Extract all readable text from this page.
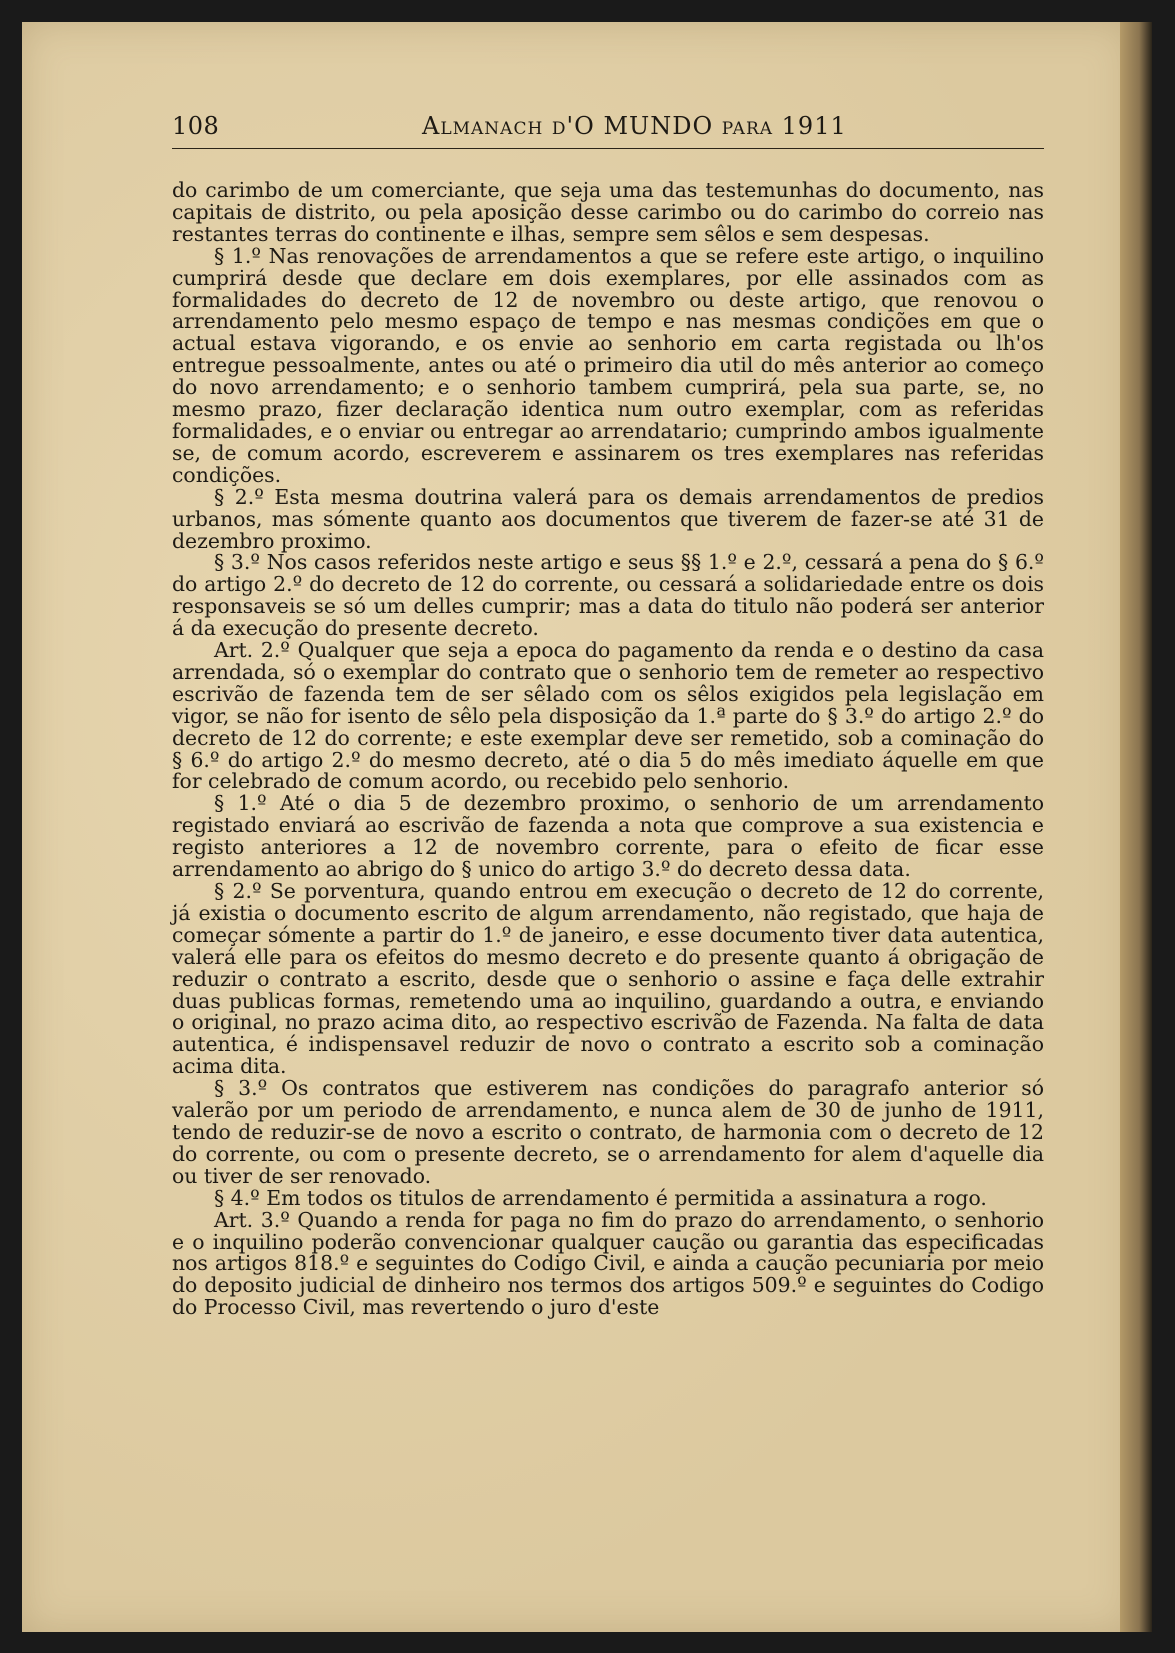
108	Almanach d'O MUNDO para 1911

do carimbo de um comerciante, que seja uma das testemunhas do documento, nas capitais de distrito, ou pela aposição desse carimbo ou do carimbo do correio nas restantes terras do continente e ilhas, sempre sem sêlos e sem despesas.

§ 1.º Nas renovações de arrendamentos a que se refere este artigo, o inquilino cumprirá desde que declare em dois exemplares, por elle assinados com as formalidades do decreto de 12 de novembro ou deste artigo, que renovou o arrendamento pelo mesmo espaço de tempo e nas mesmas condições em que o actual estava vigorando, e os envie ao senhorio em carta registada ou lh'os entregue pessoalmente, antes ou até o primeiro dia util do mês anterior ao começo do novo arrendamento; e o senhorio tambem cumprirá, pela sua parte, se, no mesmo prazo, fizer declaração identica num outro exemplar, com as referidas formalidades, e o enviar ou entregar ao arrendatario; cumprindo ambos igualmente se, de comum acordo, escreverem e assinarem os tres exemplares nas referidas condições.

§ 2.º Esta mesma doutrina valerá para os demais arrendamentos de predios urbanos, mas sómente quanto aos documentos que tiverem de fazer-se até 31 de dezembro proximo.

§ 3.º Nos casos referidos neste artigo e seus §§ 1.º e 2.º, cessará a pena do § 6.º do artigo 2.º do decreto de 12 do corrente, ou cessará a solidariedade entre os dois responsaveis se só um delles cumprir; mas a data do titulo não poderá ser anterior á da execução do presente decreto.

Art. 2.º Qualquer que seja a epoca do pagamento da renda e o destino da casa arrendada, só o exemplar do contrato que o senhorio tem de remeter ao respectivo escrivão de fazenda tem de ser sêlado com os sêlos exigidos pela legislação em vigor, se não for isento de sêlo pela disposição da 1.ª parte do § 3.º do artigo 2.º do decreto de 12 do corrente; e este exemplar deve ser remetido, sob a cominação do § 6.º do artigo 2.º do mesmo decreto, até o dia 5 do mês imediato áquelle em que for celebrado de comum acordo, ou recebido pelo senhorio.

§ 1.º Até o dia 5 de dezembro proximo, o senhorio de um arrendamento registado enviará ao escrivão de fazenda a nota que comprove a sua existencia e registo anteriores a 12 de novembro corrente, para o efeito de ficar esse arrendamento ao abrigo do § unico do artigo 3.º do decreto dessa data.

§ 2.º Se porventura, quando entrou em execução o decreto de 12 do corrente, já existia o documento escrito de algum arrendamento, não registado, que haja de começar sómente a partir do 1.º de janeiro, e esse documento tiver data autentica, valerá elle para os efeitos do mesmo decreto e do presente quanto á obrigação de reduzir o contrato a escrito, desde que o senhorio o assine e faça delle extrahir duas publicas formas, remetendo uma ao inquilino, guardando a outra, e enviando o original, no prazo acima dito, ao respectivo escrivão de Fazenda. Na falta de data autentica, é indispensavel reduzir de novo o contrato a escrito sob a cominação acima dita.

§ 3.º Os contratos que estiverem nas condições do paragrafo anterior só valerão por um periodo de arrendamento, e nunca alem de 30 de junho de 1911, tendo de reduzir-se de novo a escrito o contrato, de harmonia com o decreto de 12 do corrente, ou com o presente decreto, se o arrendamento for alem d'aquelle dia ou tiver de ser renovado.

§ 4.º Em todos os titulos de arrendamento é permitida a assinatura a rogo.

Art. 3.º Quando a renda for paga no fim do prazo do arrendamento, o senhorio e o inquilino poderão convencionar qualquer caução ou garantia das especificadas nos artigos 818.º e seguintes do Codigo Civil, e ainda a caução pecuniaria por meio do deposito judicial de dinheiro nos termos dos artigos 509.º e seguintes do Codigo do Processo Civil, mas revertendo o juro d'este
